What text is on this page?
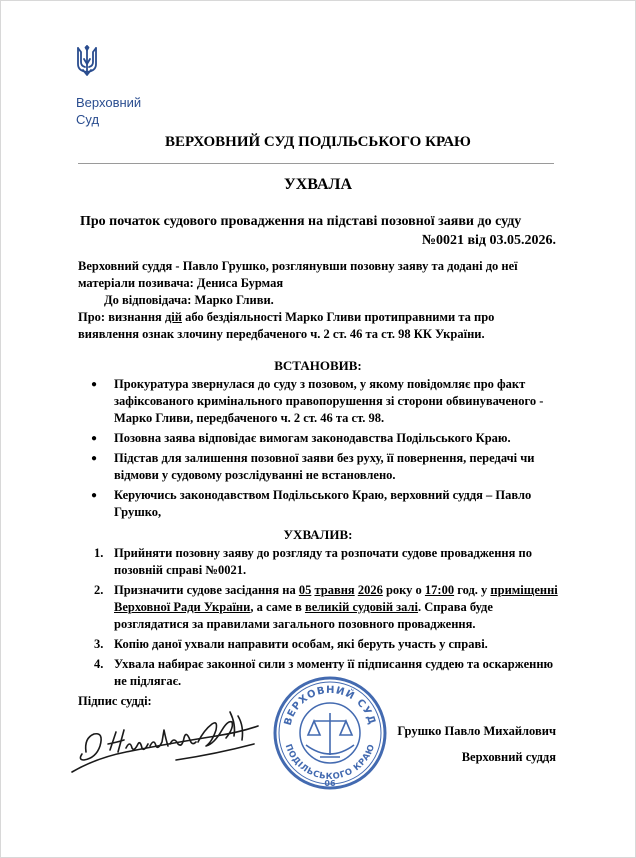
Верховний
Суд
ВЕРХОВНИЙ СУД ПОДІЛЬСЬКОГО КРАЮ
УХВАЛА
Про початок судового провадження на підставі позовної заяви до суду
№0021 від 03.05.2026.
Верховний суддя - Павло Грушко, розглянувши позовну заяву та додані до неї
матеріали позивача: Дениса Бурмая
До відповідача: Марко Гливи.
Про: визнання дій або бездіяльності Марко Гливи протиправними та про
виявлення ознак злочину передбаченого ч. 2 ст. 46 та ст. 98 КК України.
ВСТАНОВИВ:
● Прокуратура звернулася до суду з позовом, у якому повідомляє про факт зафіксованого кримінального правопорушення зі сторони обвинуваченого - Марко Гливи, передбаченого ч. 2 ст. 46 та ст. 98.
● Позовна заява відповідає вимогам законодавства Подільського Краю.
● Підстав для залишення позовної заяви без руху, її повернення, передачі чи відмови у судовому розслідуванні не встановлено.
● Керуючись законодавством Подільського Краю, верховний суддя – Павло Грушко,
УХВАЛИВ:
1. Прийняти позовну заяву до розгляду та розпочати судове провадження по позовній справі №0021.
2. Призначити судове засідання на 05 травня 2026 року о 17:00 год. у приміщенні Верховної Ради України, а саме в великій судовій залі. Справа буде розглядатися за правилами загального позовного провадження.
3. Копію даної ухвали направити особам, які беруть участь у справі.
4. Ухвала набирає законної сили з моменту її підписання суддею та оскарженню не підлягає.
Підпис судді:
ВЕРХОВНИЙ СУД
ПОДІЛЬСЬКОГО КРАЮ
06
Грушко Павло Михайлович
Верховний суддя
